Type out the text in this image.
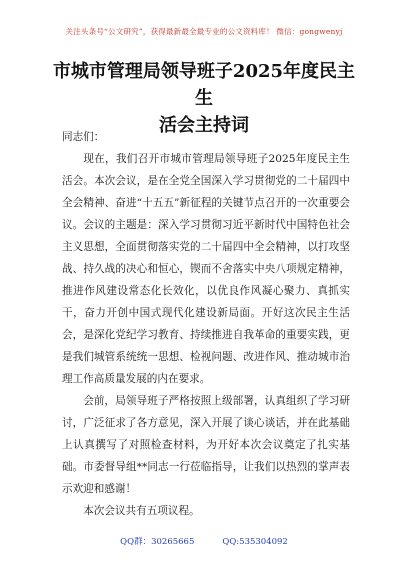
关注头条号“公文研究”，获得最新最全最专业的公文资料库！ 微信：gongwenyj
市城市管理局领导班子2025年度民主生
活会主持词

同志们：

现在，我们召开市城市管理局领导班子2025年度民主生活会。本次会议，是在全党全国深入学习贯彻党的二十届四中全会精神、奋进“十五五”新征程的关键节点召开的一次重要会议。会议的主题是：深入学习贯彻习近平新时代中国特色社会主义思想，全面贯彻落实党的二十届四中全会精神，以打攻坚战、持久战的决心和恒心，锲而不舍落实中央八项规定精神，推进作风建设常态化长效化，以优良作风凝心聚力、真抓实干，奋力开创中国式现代化建设新局面。开好这次民主生活会，是深化党纪学习教育、持续推进自我革命的重要实践，更是我们城管系统统一思想、检视问题、改进作风、推动城市治理工作高质量发展的内在要求。

会前，局领导班子严格按照上级部署，认真组织了学习研讨，广泛征求了各方意见，深入开展了谈心谈话，并在此基础上认真撰写了对照检查材料，为开好本次会议奠定了扎实基础。市委督导组**同志一行莅临指导，让我们以热烈的掌声表示欢迎和感谢！

本次会议共有五项议程。

QQ群：30265665	QQ:535304092
